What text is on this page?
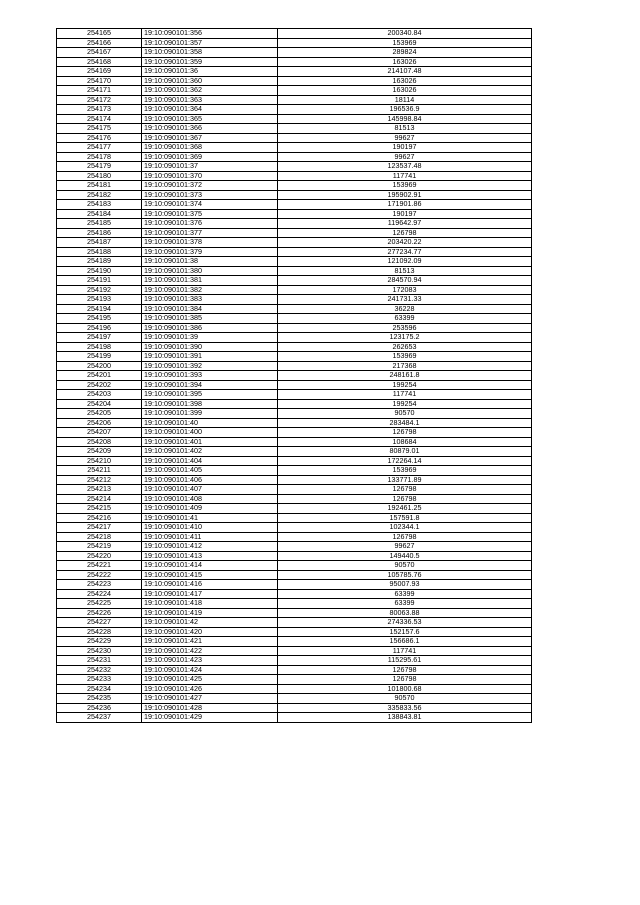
254165	19:10:090101:356	200340.84
254166	19:10:090101:357	153969
254167	19:10:090101:358	289824
254168	19:10:090101:359	163026
254169	19:10:090101:36	214107.48
254170	19:10:090101:360	163026
254171	19:10:090101:362	163026
254172	19:10:090101:363	18114
254173	19:10:090101:364	196536.9
254174	19:10:090101:365	145998.84
254175	19:10:090101:366	81513
254176	19:10:090101:367	99627
254177	19:10:090101:368	190197
254178	19:10:090101:369	99627
254179	19:10:090101:37	123537.48
254180	19:10:090101:370	117741
254181	19:10:090101:372	153969
254182	19:10:090101:373	195902.91
254183	19:10:090101:374	171901.86
254184	19:10:090101:375	190197
254185	19:10:090101:376	119642.97
254186	19:10:090101:377	126798
254187	19:10:090101:378	203420.22
254188	19:10:090101:379	277234.77
254189	19:10:090101:38	121092.09
254190	19:10:090101:380	81513
254191	19:10:090101:381	284570.94
254192	19:10:090101:382	172083
254193	19:10:090101:383	241731.33
254194	19:10:090101:384	36228
254195	19:10:090101:385	63399
254196	19:10:090101:386	253596
254197	19:10:090101:39	123175.2
254198	19:10:090101:390	262653
254199	19:10:090101:391	153969
254200	19:10:090101:392	217368
254201	19:10:090101:393	248161.8
254202	19:10:090101:394	199254
254203	19:10:090101:395	117741
254204	19:10:090101:398	199254
254205	19:10:090101:399	90570
254206	19:10:090101:40	283484.1
254207	19:10:090101:400	126798
254208	19:10:090101:401	108684
254209	19:10:090101:402	80879.01
254210	19:10:090101:404	172264.14
254211	19:10:090101:405	153969
254212	19:10:090101:406	133771.89
254213	19:10:090101:407	126798
254214	19:10:090101:408	126798
254215	19:10:090101:409	192461.25
254216	19:10:090101:41	157591.8
254217	19:10:090101:410	102344.1
254218	19:10:090101:411	126798
254219	19:10:090101:412	99627
254220	19:10:090101:413	149440.5
254221	19:10:090101:414	90570
254222	19:10:090101:415	105785.76
254223	19:10:090101:416	95007.93
254224	19:10:090101:417	63399
254225	19:10:090101:418	63399
254226	19:10:090101:419	80063.88
254227	19:10:090101:42	274336.53
254228	19:10:090101:420	152157.6
254229	19:10:090101:421	156686.1
254230	19:10:090101:422	117741
254231	19:10:090101:423	115295.61
254232	19:10:090101:424	126798
254233	19:10:090101:425	126798
254234	19:10:090101:426	101800.68
254235	19:10:090101:427	90570
254236	19:10:090101:428	335833.56
254237	19:10:090101:429	138843.81
